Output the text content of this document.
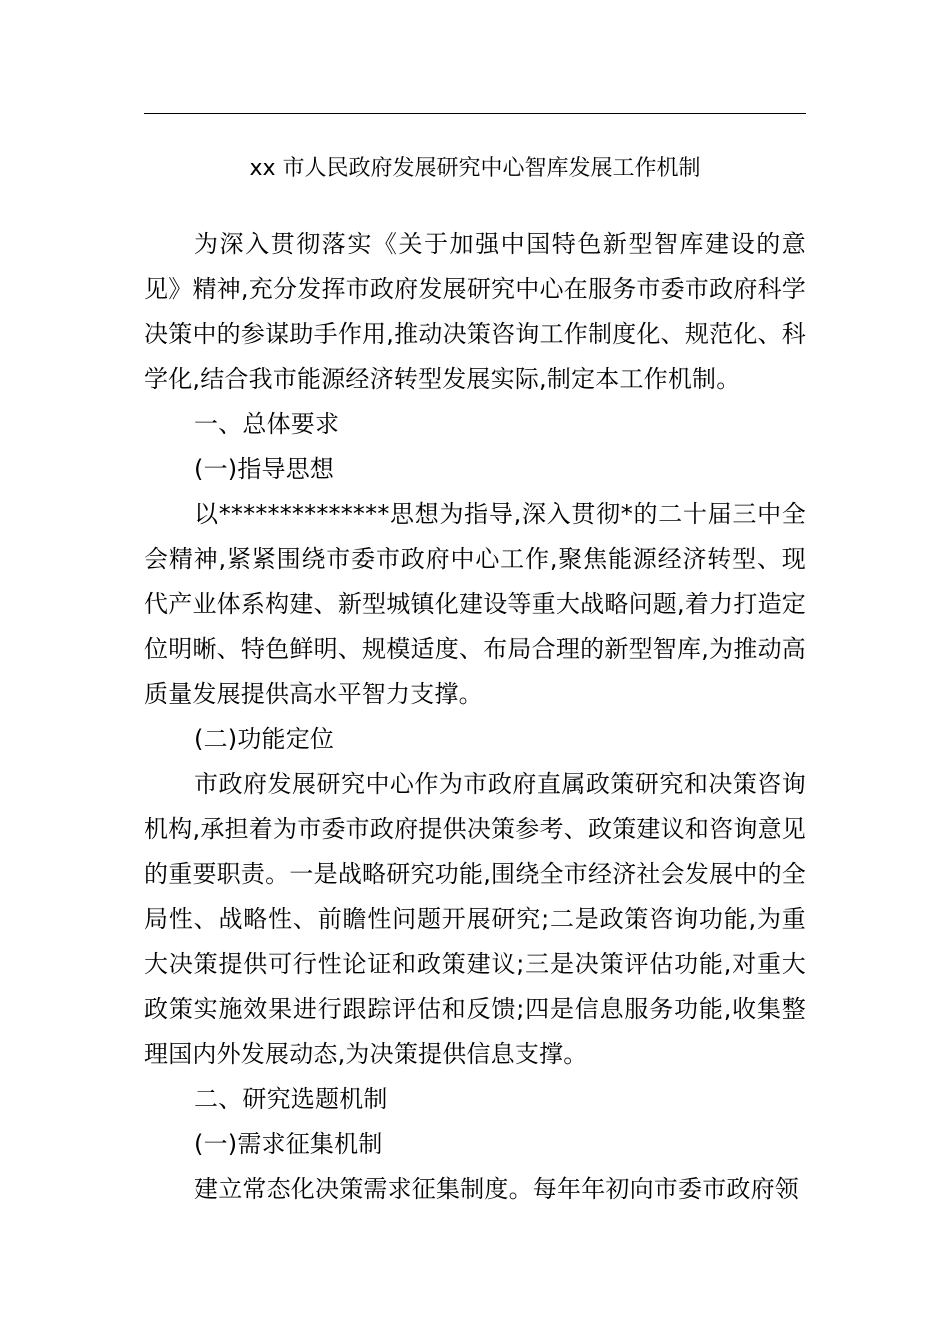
xx 市人民政府发展研究中心智库发展工作机制

为深入贯彻落实《关于加强中国特色新型智库建设的意见》精神,充分发挥市政府发展研究中心在服务市委市政府科学决策中的参谋助手作用,推动决策咨询工作制度化、规范化、科学化,结合我市能源经济转型发展实际,制定本工作机制。

一、总体要求

(一)指导思想

以**************思想为指导,深入贯彻*的二十届三中全会精神,紧紧围绕市委市政府中心工作,聚焦能源经济转型、现代产业体系构建、新型城镇化建设等重大战略问题,着力打造定位明晰、特色鲜明、规模适度、布局合理的新型智库,为推动高质量发展提供高水平智力支撑。

(二)功能定位

市政府发展研究中心作为市政府直属政策研究和决策咨询机构,承担着为市委市政府提供决策参考、政策建议和咨询意见的重要职责。一是战略研究功能,围绕全市经济社会发展中的全局性、战略性、前瞻性问题开展研究;二是政策咨询功能,为重大决策提供可行性论证和政策建议;三是决策评估功能,对重大政策实施效果进行跟踪评估和反馈;四是信息服务功能,收集整理国内外发展动态,为决策提供信息支撑。

二、研究选题机制

(一)需求征集机制

建立常态化决策需求征集制度。每年年初向市委市政府领
